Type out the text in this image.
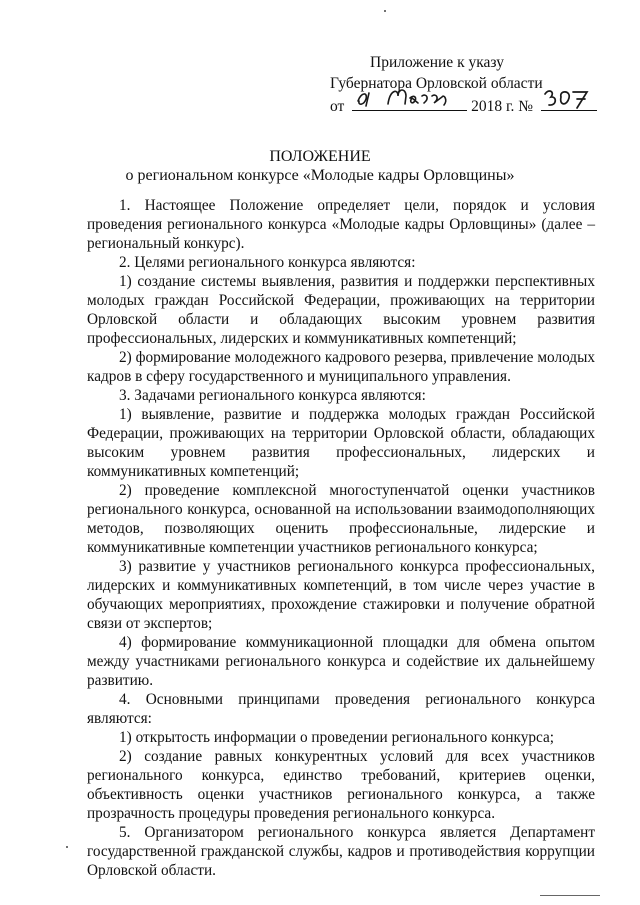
Приложение к указу
Губернатора Орловской области
от	2018 г. №
ПОЛОЖЕНИЕ
о региональном конкурсе «Молодые кадры Орловщины»

1. Настоящее Положение определяет цели, порядок и условия проведения регионального конкурса «Молодые кадры Орловщины» (далее – региональный конкурс).

2. Целями регионального конкурса являются:

1) создание системы выявления, развития и поддержки перспективных молодых граждан Российской Федерации, проживающих на территории Орловской области и обладающих высоким уровнем развития профессиональных, лидерских и коммуникативных компетенций;

2) формирование молодежного кадрового резерва, привлечение молодых кадров в сферу государственного и муниципального управления.

3. Задачами регионального конкурса являются:

1) выявление, развитие и поддержка молодых граждан Российской Федерации, проживающих на территории Орловской области, обладающих высоким уровнем развития профессиональных, лидерских и коммуникативных компетенций;

2) проведение комплексной многоступенчатой оценки участников регионального конкурса, основанной на использовании взаимодополняющих методов, позволяющих оценить профессиональные, лидерские и коммуникативные компетенции участников регионального конкурса;

3) развитие у участников регионального конкурса профессиональных, лидерских и коммуникативных компетенций, в том числе через участие в обучающих мероприятиях, прохождение стажировки и получение обратной связи от экспертов;

4) формирование коммуникационной площадки для обмена опытом между участниками регионального конкурса и содействие их дальнейшему развитию.

4. Основными принципами проведения регионального конкурса являются:

1) открытость информации о проведении регионального конкурса;

2) создание равных конкурентных условий для всех участников регионального конкурса, единство требований, критериев оценки, объективность оценки участников регионального конкурса, а также прозрачность процедуры проведения регионального конкурса.

5. Организатором регионального конкурса является Департамент государственной гражданской службы, кадров и противодействия коррупции Орловской области.
